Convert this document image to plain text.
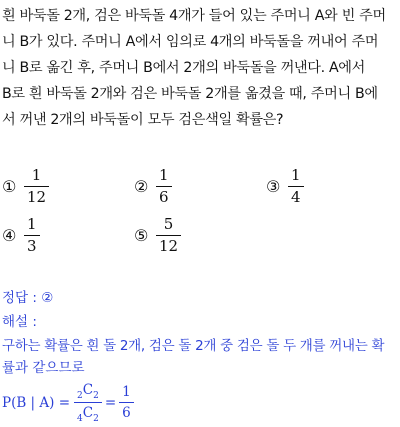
흰 바둑돌 2개, 검은 바둑돌 4개가 들어 있는 주머니 A와 빈 주머
니 B가 있다. 주머니 A에서 임의로 4개의 바둑돌을 꺼내어 주머
니 B로 옮긴 후, 주머니 B에서 2개의 바둑돌을 꺼낸다. A에서
B로 흰 바둑돌 2개와 검은 바둑돌 2개를 옮겼을 때, 주머니 B에
서 꺼낸 2개의 바둑돌이 모두 검은색일 확률은?
① $\frac{1}{12}$	② $\frac{1}{6}$	③ $\frac{1}{4}$
④ $\frac{1}{3}$	⑤ $\frac{5}{12}$
정답 : ②
해설 :
구하는 확률은 흰 돌 2개, 검은 돌 2개 중 검은 돌 두 개를 꺼내는 확
률과 같으므로
P(B | $A) = \frac{_2C_2}{_4C_2} = \frac{1}{6}$
